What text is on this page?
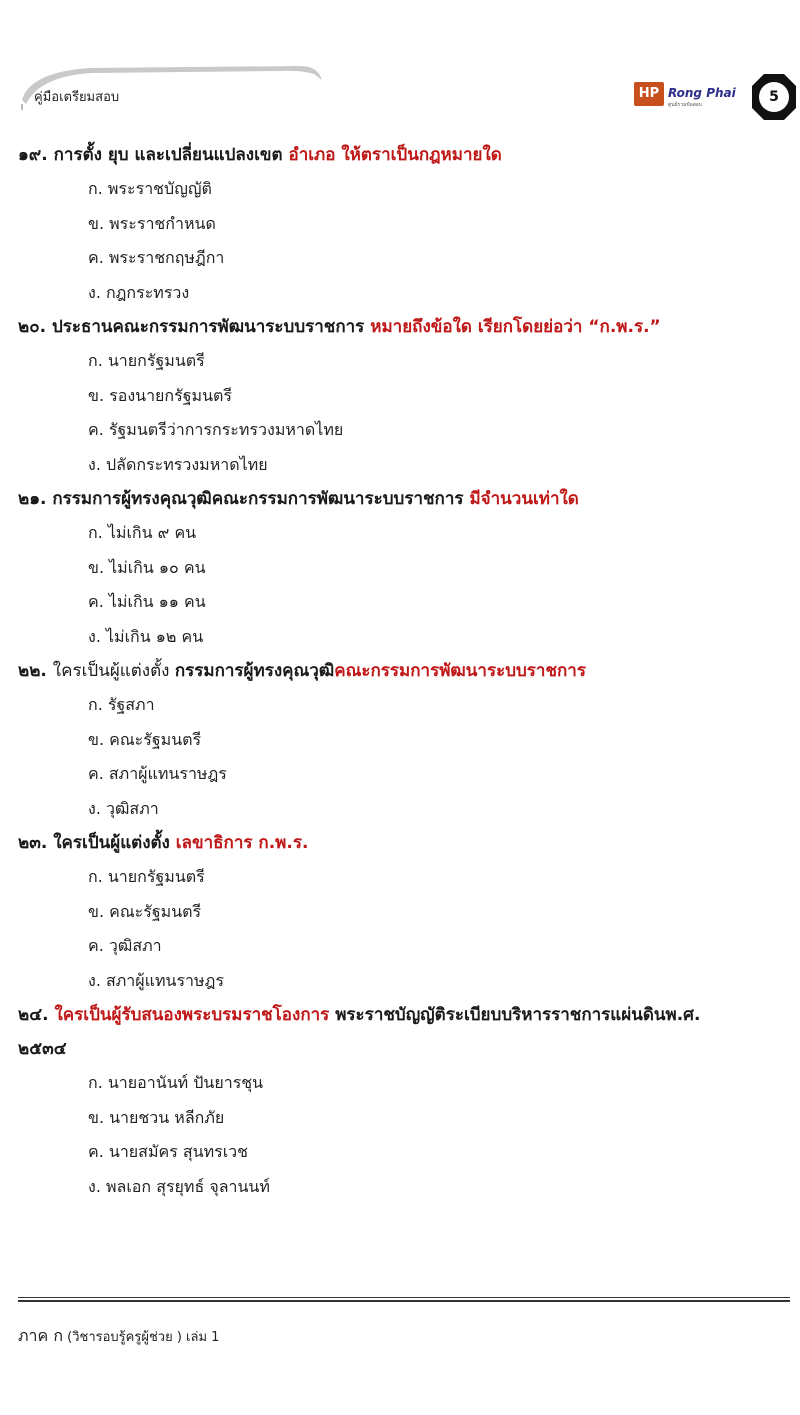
คู่มือเตรียมสอบ	HP Rong Phai
ศูนย์รวมข้อสอบ	5
๑๙. การตั้ง ยุบ และเปลี่ยนแปลงเขต อำเภอ ให้ตราเป็นกฎหมายใด
ก. พระราชบัญญัติ
ข. พระราชกำหนด
ค. พระราชกฤษฎีกา
ง. กฎกระทรวง
๒๐. ประธานคณะกรรมการพัฒนาระบบราชการ หมายถึงข้อใด เรียกโดยย่อว่า “ก.พ.ร.”
ก. นายกรัฐมนตรี
ข. รองนายกรัฐมนตรี
ค. รัฐมนตรีว่าการกระทรวงมหาดไทย
ง. ปลัดกระทรวงมหาดไทย
๒๑. กรรมการผู้ทรงคุณวุฒิคณะกรรมการพัฒนาระบบราชการ มีจำนวนเท่าใด
ก. ไม่เกิน ๙ คน
ข. ไม่เกิน ๑๐ คน
ค. ไม่เกิน ๑๑ คน
ง. ไม่เกิน ๑๒ คน
๒๒. ใครเป็นผู้แต่งตั้ง กรรมการผู้ทรงคุณวุฒิคณะกรรมการพัฒนาระบบราชการ
ก. รัฐสภา
ข. คณะรัฐมนตรี
ค. สภาผู้แทนราษฎร
ง. วุฒิสภา
๒๓. ใครเป็นผู้แต่งตั้ง เลขาธิการ ก.พ.ร.
ก. นายกรัฐมนตรี
ข. คณะรัฐมนตรี
ค. วุฒิสภา
ง. สภาผู้แทนราษฎร
๒๔. ใครเป็นผู้รับสนองพระบรมราชโองการ พระราชบัญญัติระเบียบบริหารราชการแผ่นดินพ.ศ.
๒๕๓๔
ก. นายอานันท์ ปันยารชุน
ข. นายชวน หลีกภัย
ค. นายสมัคร สุนทรเวช
ง. พลเอก สุรยุทธ์ จุลานนท์
ภาค ก (วิชารอบรู้ครูผู้ช่วย ) เล่ม 1
